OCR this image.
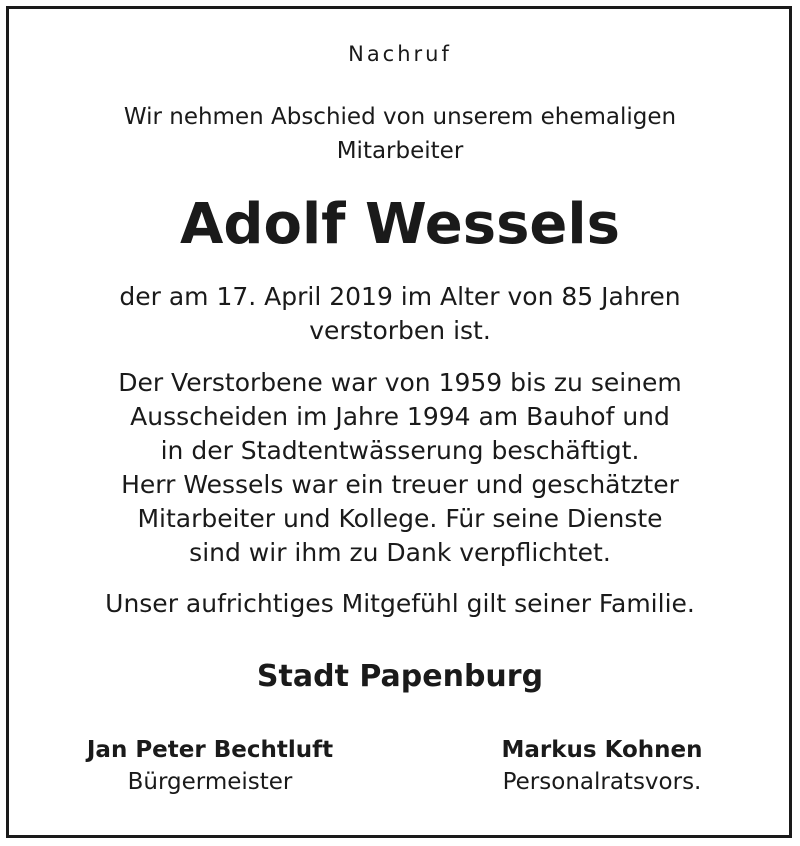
Nachruf
Wir nehmen Abschied von unserem ehemaligen
Mitarbeiter
Adolf Wessels
der am 17. April 2019 im Alter von 85 Jahren
verstorben ist.
Der Verstorbene war von 1959 bis zu seinem
Ausscheiden im Jahre 1994 am Bauhof und
in der Stadtentwässerung beschäftigt.
Herr Wessels war ein treuer und geschätzter
Mitarbeiter und Kollege. Für seine Dienste
sind wir ihm zu Dank verpflichtet.
Unser aufrichtiges Mitgefühl gilt seiner Familie.
Stadt Papenburg
Jan Peter Bechtluft
Bürgermeister
Markus Kohnen
Personalratsvors.
